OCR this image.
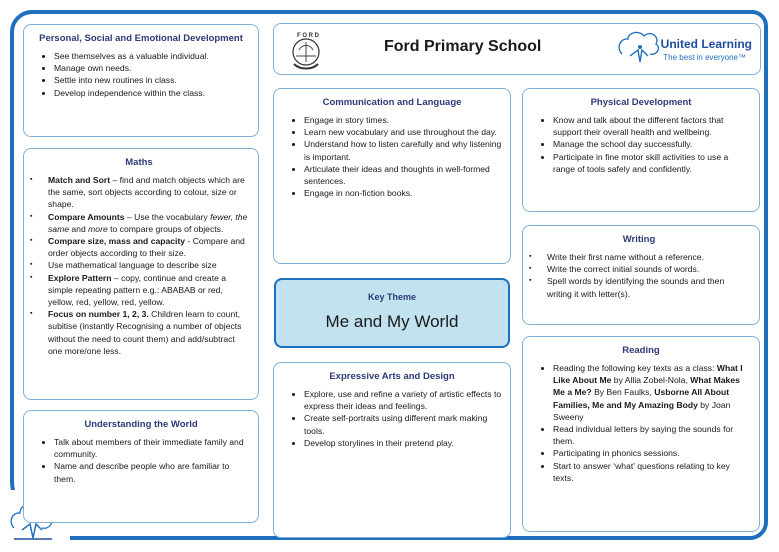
F O R D
Ford Primary School	United Learning
The best in everyone™
Personal, Social and Emotional Development
• See themselves as a valuable individual.
• Manage own needs.
• Settle into new routines in class.
• Develop independence within the class.
Maths
▪ Match and Sort – find and match objects which are the same, sort objects according to colour, size or shape.
▪ Compare Amounts – Use the vocabulary fewer, the same and more to compare groups of objects.
▪ Compare size, mass and capacity - Compare and order objects according to their size.
▪ Use mathematical language to describe size
▪ Explore Pattern – copy, continue and create a simple repeating pattern e.g.: ABABAB or red, yellow, red, yellow, red, yellow.
▪ Focus on number 1, 2, 3. Children learn to count, subitise (instantly Recognising a number of objects without the need to count them) and add/subtract one more/one less.
Understanding the World
• Talk about members of their immediate family and community.
• Name and describe people who are familiar to them.
Communication and Language
• Engage in story times.
• Learn new vocabulary and use throughout the day.
• Understand how to listen carefully and why listening is important.
• Articulate their ideas and thoughts in well-formed sentences.
• Engage in non-fiction books.
Key Theme
Me and My World
Expressive Arts and Design
• Explore, use and refine a variety of artistic effects to express their ideas and feelings.
• Create self-portraits using different mark making tools.
• Develop storylines in their pretend play.
Physical Development
• Know and talk about the different factors that support their overall health and wellbeing.
• Manage the school day successfully.
• Participate in fine motor skill activities to use a range of tools safely and confidently.
Writing
▪ Write their first name without a reference.
▪ Write the correct initial sounds of words.
▪ Spell words by identifying the sounds and then writing it with letter(s).
Reading
• Reading the following key texts as a class: What I Like About Me by Allia Zobel-Nola, What Makes Me a Me? By Ben Faulks, Usborne All About Families, Me and My Amazing Body by Joan Sweeny
• Read individual letters by saying the sounds for them.
• Participating in phonics sessions.
• Start to answer ‘what’ questions relating to key texts.
